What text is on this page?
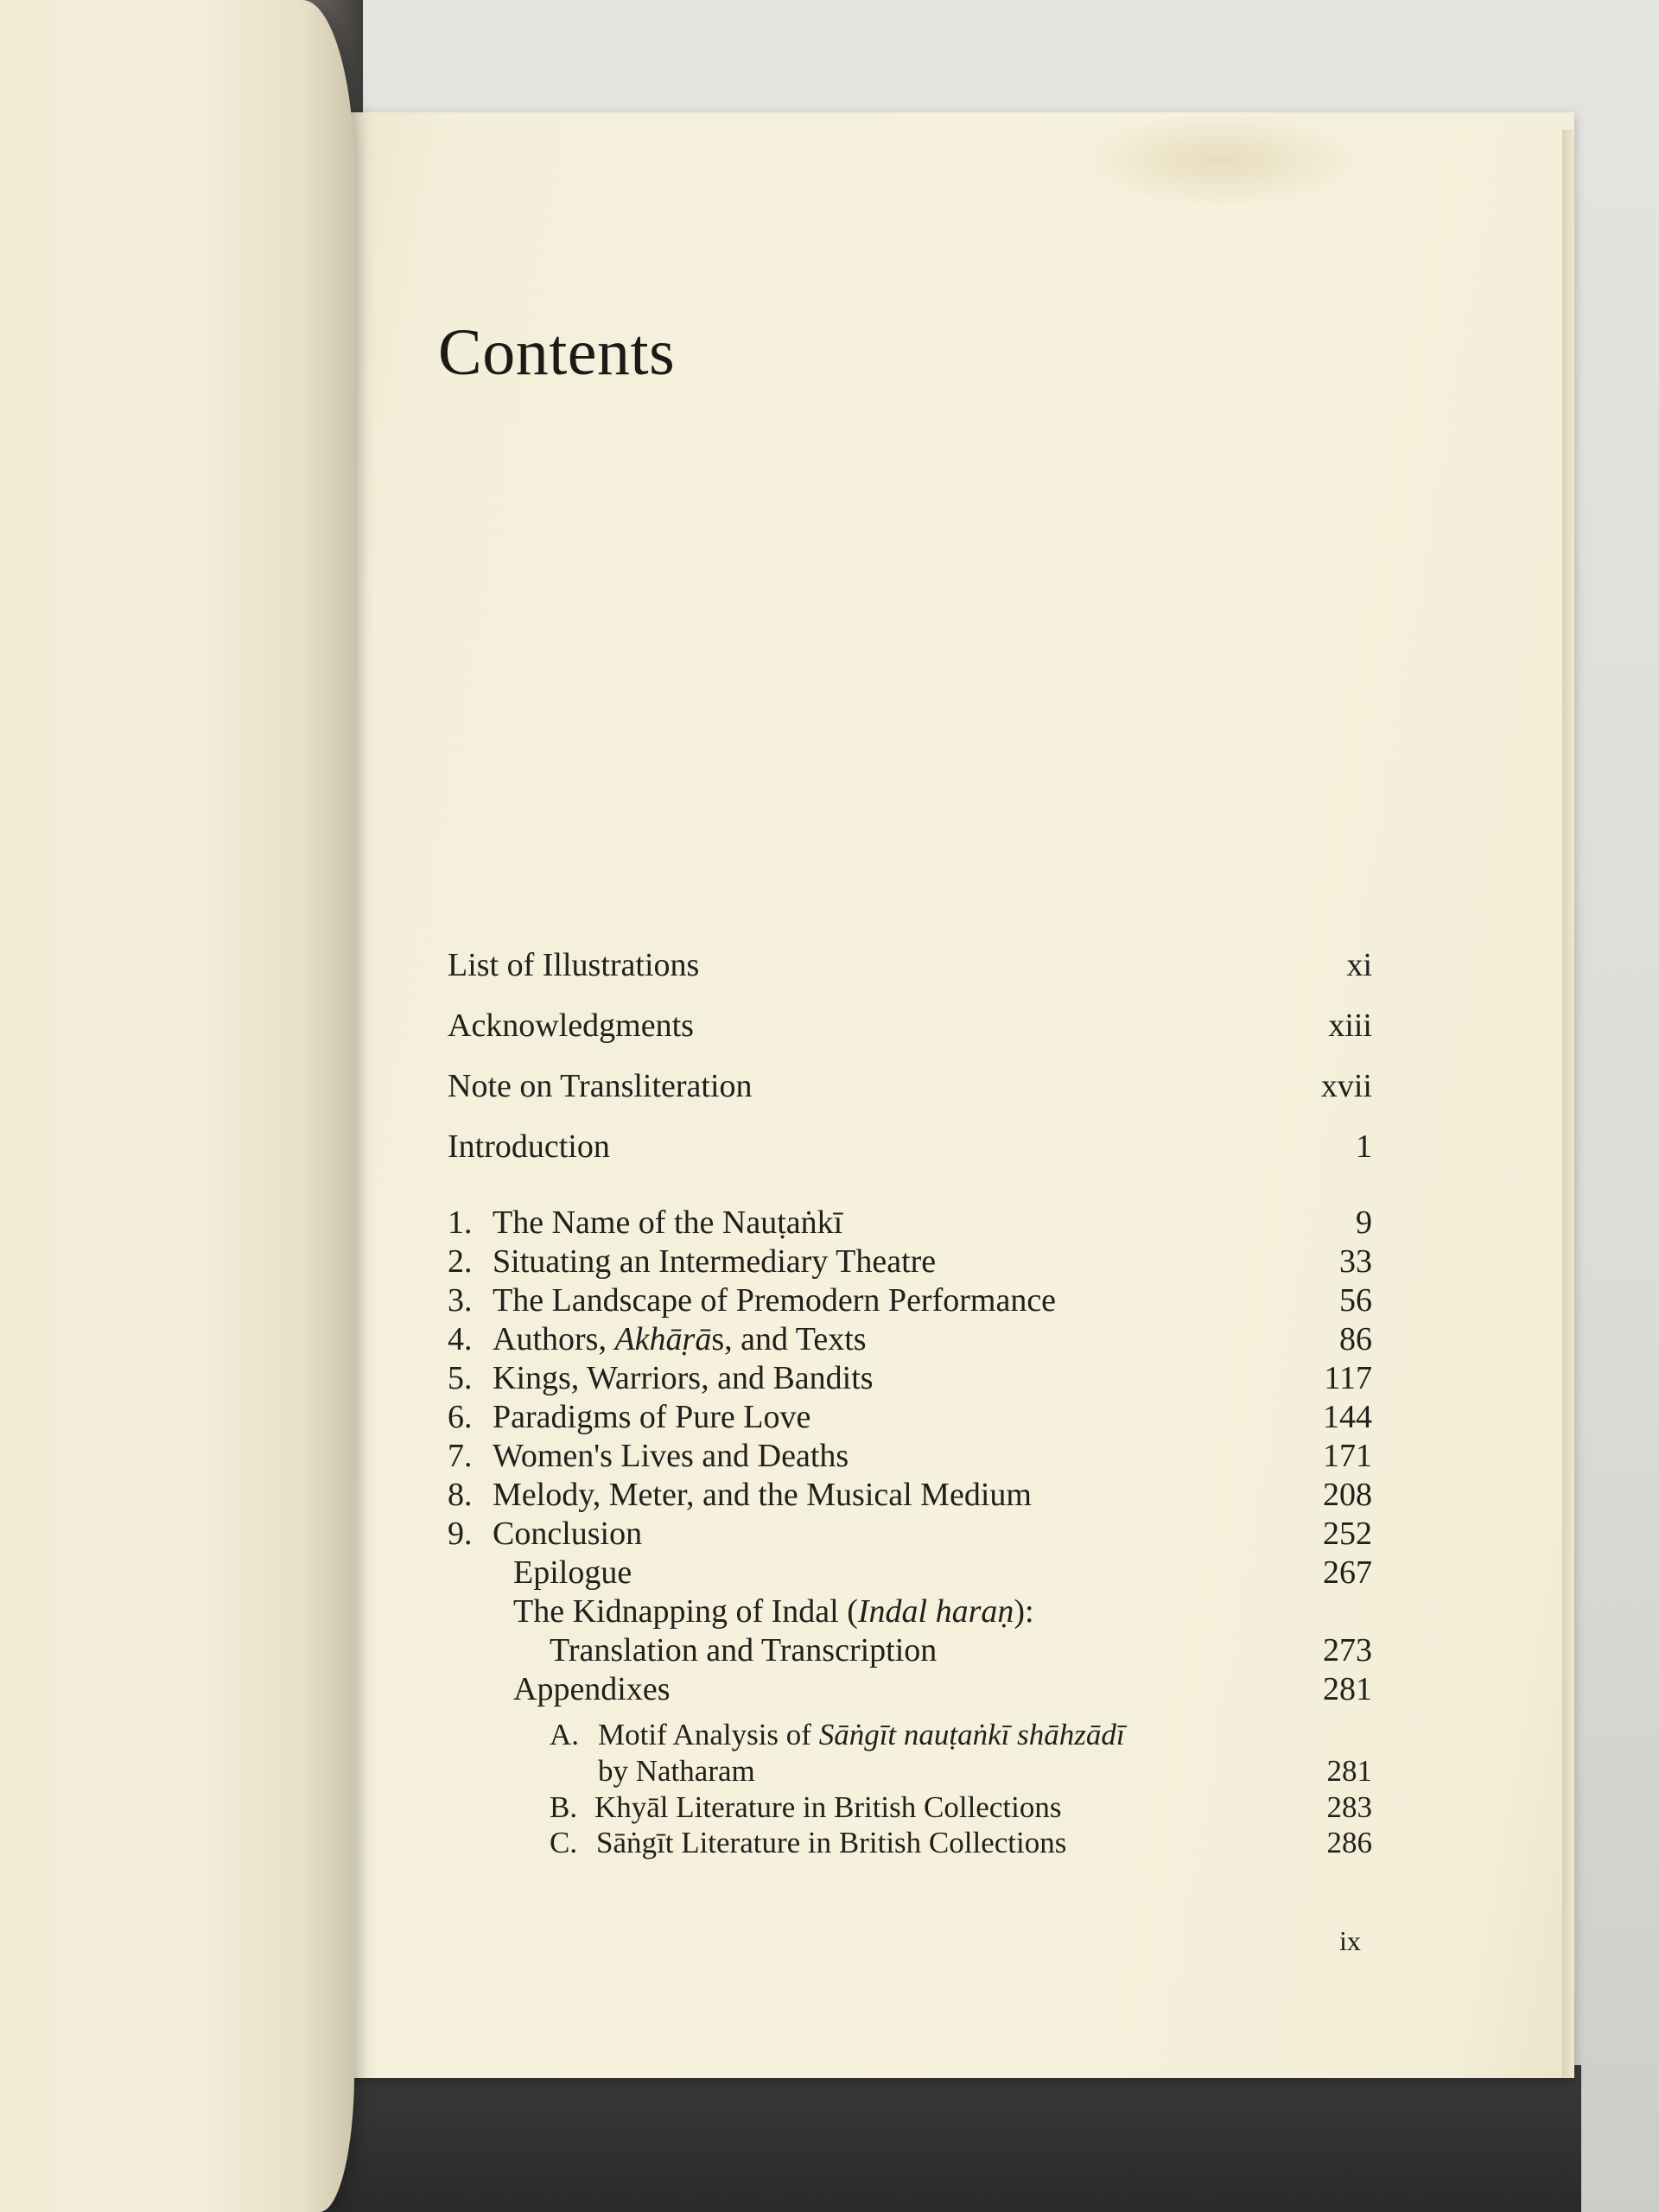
Contents
List of Illustrations	xi
Acknowledgments	xiii
Note on Transliteration	xvii
Introduction	1
1. The Name of the Nauṭaṅkī	9
2. Situating an Intermediary Theatre	33
3. The Landscape of Premodern Performance	56
4. Authors, Akhāṛās, and Texts	86
5. Kings, Warriors, and Bandits	117
6. Paradigms of Pure Love	144
7. Women's Lives and Deaths	171
8. Melody, Meter, and the Musical Medium	208
9. Conclusion	252
Epilogue	267
The Kidnapping of Indal (Indal haraṇ):
Translation and Transcription	273
Appendixes	281
A. Motif Analysis of Sāṅgīt nauṭaṅkī shāhzādī
by Natharam	281
B. Khyāl Literature in British Collections	283
C. Sāṅgīt Literature in British Collections	286
ix
